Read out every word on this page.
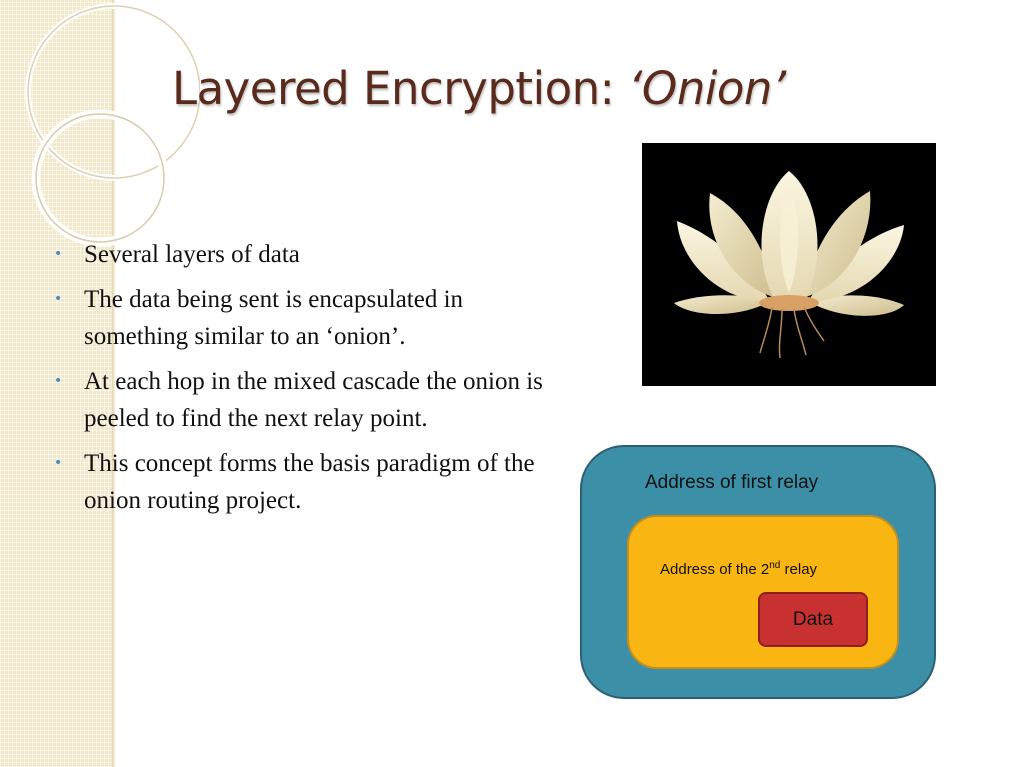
Layered Encryption: ‘Onion’
• Several layers of data
• The data being sent is encapsulated in something similar to an ‘onion’.
• At each hop in the mixed cascade the onion is peeled to find the next relay point.
• This concept forms the basis paradigm of the onion routing project.
Address of first relay
Address of the 2nd relay
Data
